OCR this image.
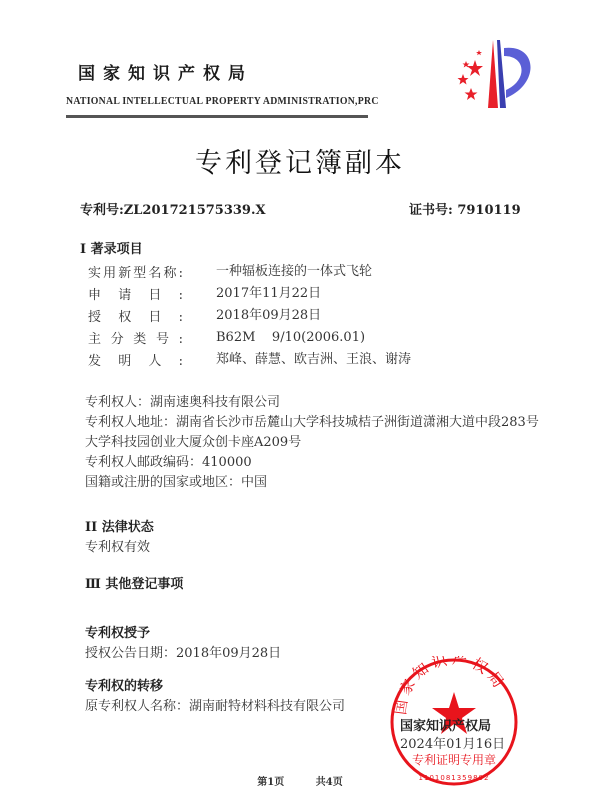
国家知识产权局
NATIONAL INTELLECTUAL PROPERTY ADMINISTRATION,PRC
专利登记簿副本
专利号:ZL201721575339.X	证书号: 7910119
I 著录项目
实用新型名称:	一种辐板连接的一体式飞轮
申请日:	2017年11月22日
授权日:	2018年09月28日
主分类号:	B62M    9/10(2006.01)
发明人:	郑峰、薛慧、欧吉洲、王浪、谢涛
专利权人：湖南速奥科技有限公司
专利权人地址：湖南省长沙市岳麓山大学科技城桔子洲街道潇湘大道中段283号
大学科技园创业大厦众创卡座A209号
专利权人邮政编码：410000
国籍或注册的国家或地区：中国
II 法律状态
专利权有效
Ⅲ 其他登记事项
专利权授予
授权公告日期：2018年09月28日
专利权的转移
原专利权人名称：湖南耐特材料科技有限公司	国家知识产权局
专利证明专用章
1101081359802
国家知识产权局
2024年01月16日
第1页	共4页
